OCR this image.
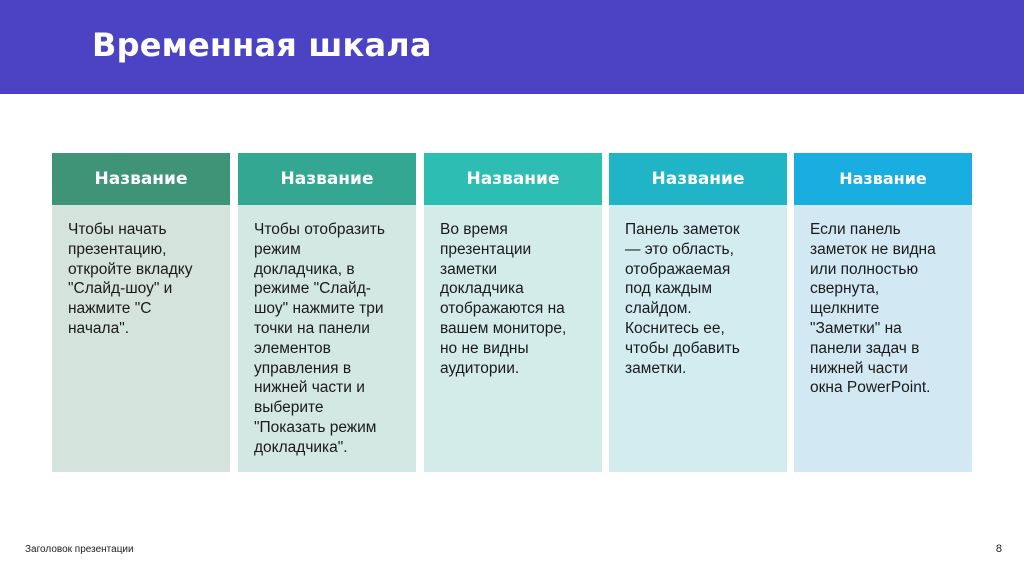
Временная шкала
Название
Чтобы начать
презентацию,
откройте вкладку
"Слайд-шоу" и
нажмите "С
начала".
Название
Чтобы отобразить
режим
докладчика, в
режиме "Слайд-
шоу" нажмите три
точки на панели
элементов
управления в
нижней части и
выберите
"Показать режим
докладчика".
Название
Во время
презентации
заметки
докладчика
отображаются на
вашем мониторе,
но не видны
аудитории.
Название
Панель заметок
— это область,
отображаемая
под каждым
слайдом.
Коснитесь ее,
чтобы добавить
заметки.
Название
Если панель
заметок не видна
или полностью
свернута,
щелкните
"Заметки" на
панели задач в
нижней части
окна PowerPoint.
Заголовок презентации	8
